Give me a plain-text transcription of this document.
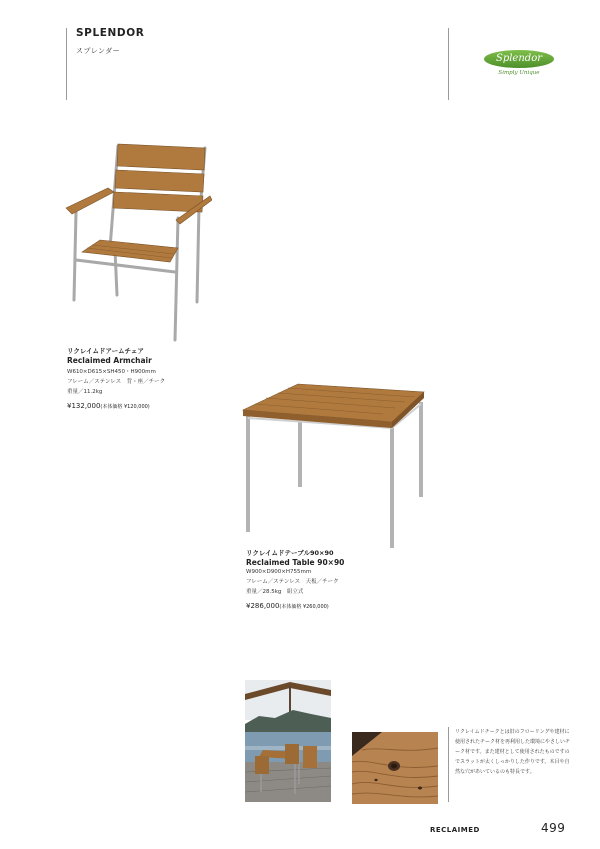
SPLENDOR
スプレンダー
Splendor
Simply Unique
リクレイムドアームチェア
Reclaimed Armchair
W610×D615×SH450・H900mm
フレーム／ステンレス　背・座／チーク
重量／11.2kg
¥132,000(本体価格 ¥120,000)
リクレイムドテーブル90×90
Reclaimed Table 90×90
W900×D900×H755mm
フレーム／ステンレス　天板／チーク
重量／28.5kg　組立式
¥286,000(本体価格 ¥260,000)
リクレイムドチークとは旧のフローリングや建材に使用されたチーク材を再利用した環境にやさしいチーク材です。また建材として使用されたものですのでスラットが太くしっかりした作りです。木目や自然な穴があいているのも特長です。
RECLAIMED	499
